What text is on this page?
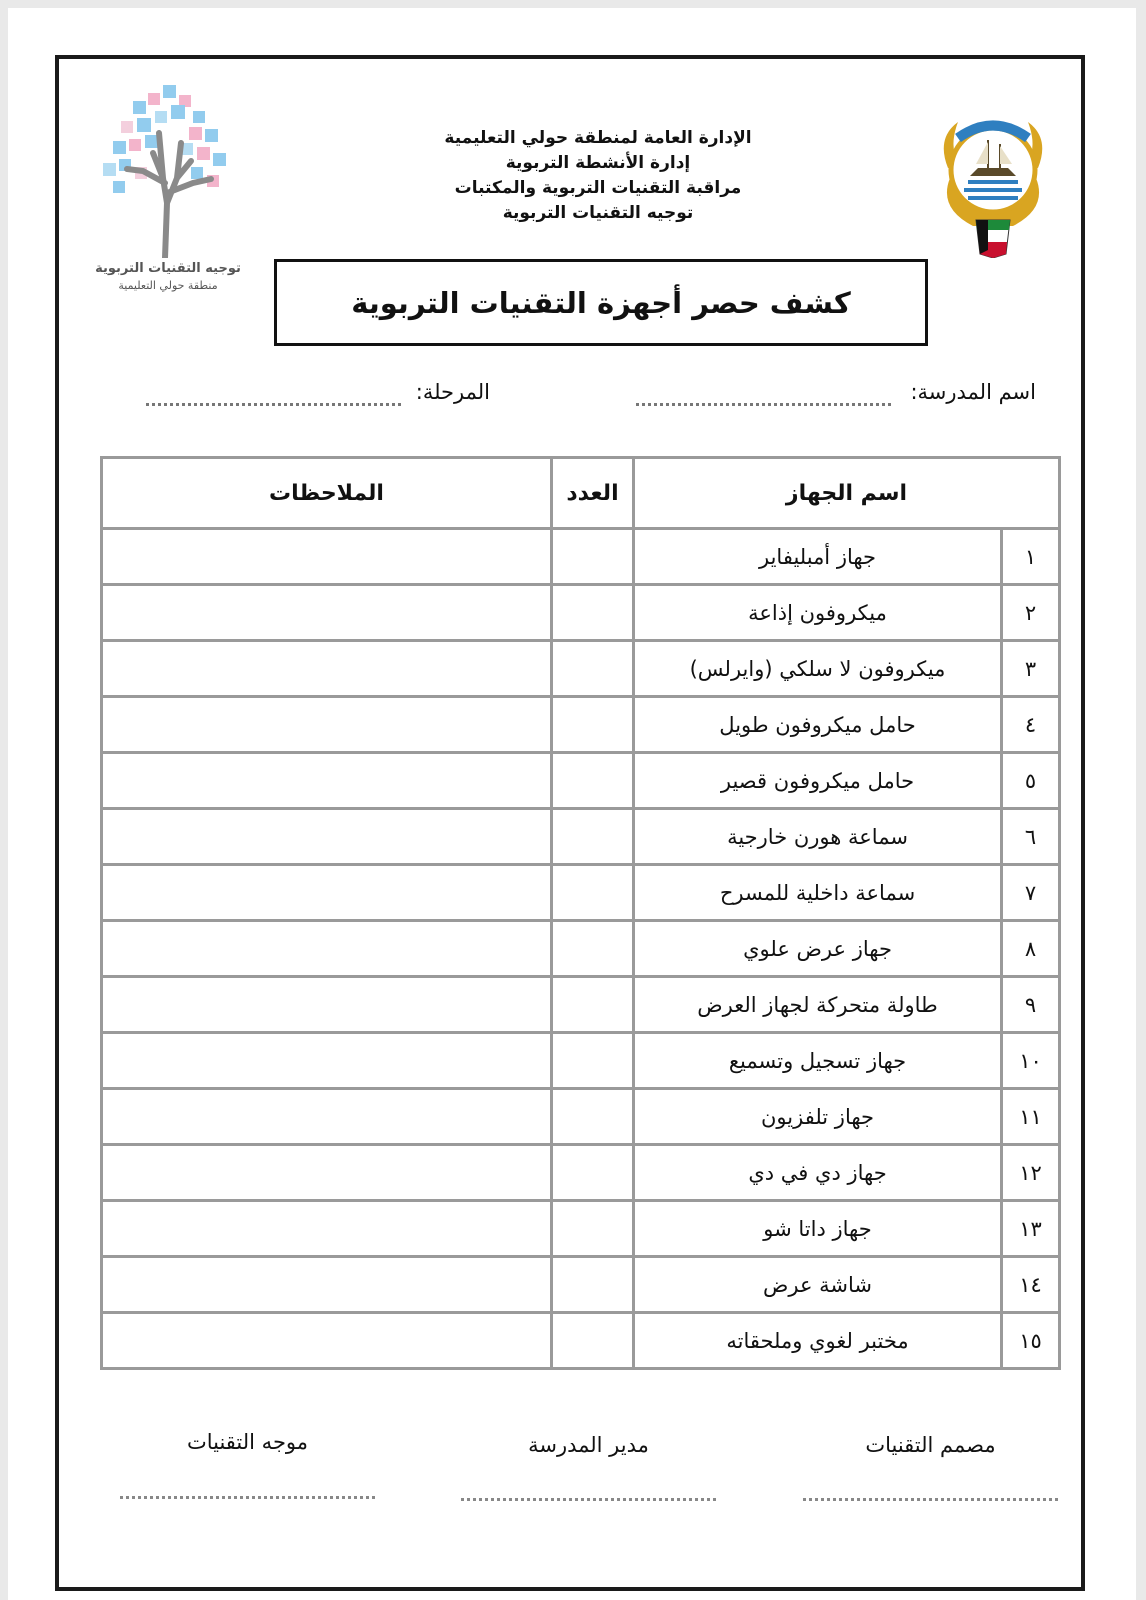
توجيه التقنيات التربوية
منطقة حولي التعليمية
الإدارة العامة لمنطقة حولي التعليمية
إدارة الأنشطة التربوية
مراقبة التقنيات التربوية والمكتبات
توجيه التقنيات التربوية
كشف حصر أجهزة التقنيات التربوية
اسم المدرسة:
المرحلة:
اسم الجهاز		العدد	الملاحظات
١	جهاز أمبليفاير		
٢	ميكروفون إذاعة		
٣	ميكروفون لا سلكي (وايرلس)		
٤	حامل ميكروفون طويل		
٥	حامل ميكروفون قصير		
٦	سماعة هورن خارجية		
٧	سماعة داخلية للمسرح		
٨	جهاز عرض علوي		
٩	طاولة متحركة لجهاز العرض		
١٠	جهاز تسجيل وتسميع		
١١	جهاز تلفزيون		
١٢	جهاز دي في دي		
١٣	جهاز داتا شو		
١٤	شاشة عرض		
١٥	مختبر لغوي وملحقاته		
مصمم التقنيات
مدير المدرسة
موجه التقنيات
